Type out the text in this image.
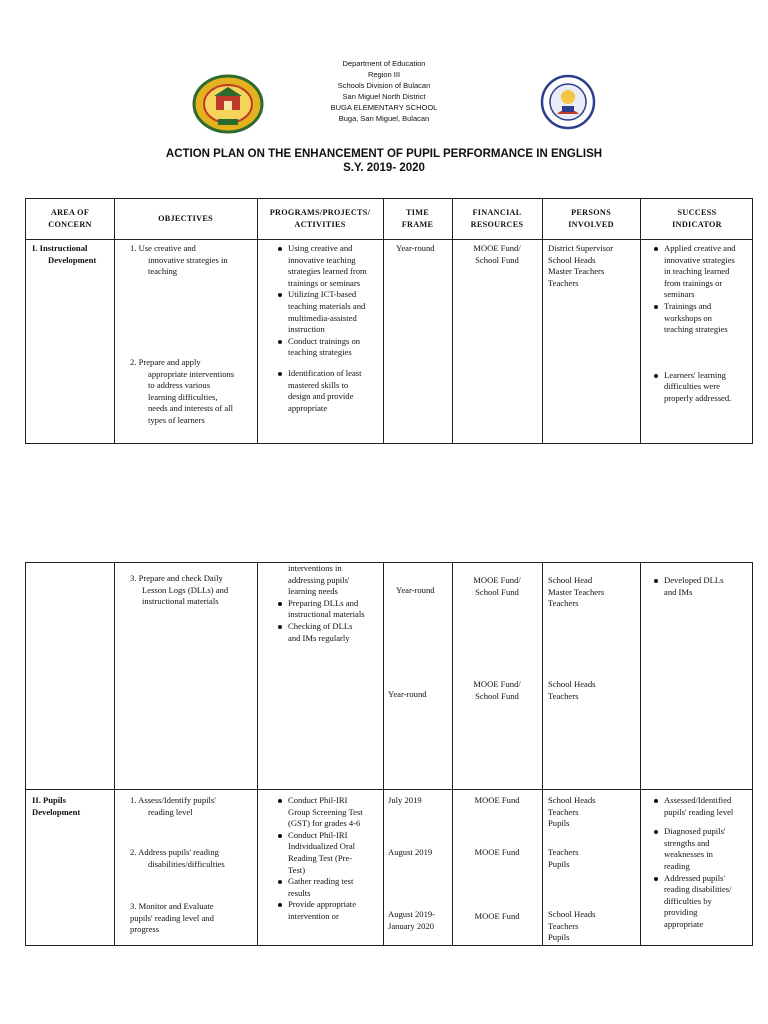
Department of Education
Region III
Schools Division of Bulacan
San Miguel North District
BUGA ELEMENTARY SCHOOL
Buga, San Miguel, Bulacan
ACTION PLAN ON THE ENHANCEMENT OF PUPIL PERFORMANCE IN ENGLISH
S.Y. 2019- 2020
AREA OF
CONCERN
OBJECTIVES
PROGRAMS/PROJECTS/
ACTIVITIES
TIME
FRAME
FINANCIAL
RESOURCES
PERSONS
INVOLVED
SUCCESS
INDICATOR
I. Instructional
Development
1. Use creative and
innovative strategies in
teaching
2. Prepare and apply
appropriate interventions
to address various
learning difficulties,
needs and interests of all
types of learners
Using creative and
innovative teaching
strategies learned from
trainings or seminars
Utilizing ICT-based
teaching materials and
multimedia-assisted
instruction
Conduct trainings on
teaching strategies
Identification of least
mastered skills to
design and provide
appropriate
Year-round	MOOE Fund/
School Fund
District Supervisor
School Heads
Master Teachers
Teachers
Applied creative and
innovative strategies
in teaching learned
from trainings or
seminars
Trainings and
workshops on
teaching strategies
Learners' learning
difficulties were
properly addressed.
3. Prepare and check Daily
Lesson Logs (DLLs) and
instructional materials
interventions in
addressing pupils'
learning needs
Preparing DLLs and
instructional materials
Checking of DLLs
and IMs regularly
Year-round
MOOE Fund/
School Fund
School Head
Master Teachers
Teachers
Year-round
MOOE Fund/
School Fund
School Heads
Teachers
Developed DLLs
and IMs
II. Pupils
Development
1. Assess/Identify pupils'
reading level
2. Address pupils' reading
disabilities/difficulties
3. Monitor and Evaluate
pupils' reading level and
progress
Conduct Phil-IRI
Group Screening Test
(GST) for grades 4-6
Conduct Phil-IRI
Individualized Oral
Reading Test (Pre-
Test)
Gather reading test
results
Provide appropriate
intervention or
July 2019
August 2019
August 2019-
January 2020
MOOE Fund
MOOE Fund
MOOE Fund
School Heads
Teachers
Pupils
Teachers
Pupils
School Heads
Teachers
Pupils
Assessed/Identified
pupils' reading level
Diagnosed pupils'
strengths and
weaknesses in
reading
Addressed pupils'
reading disabilities/
difficulties by
providing
appropriate
